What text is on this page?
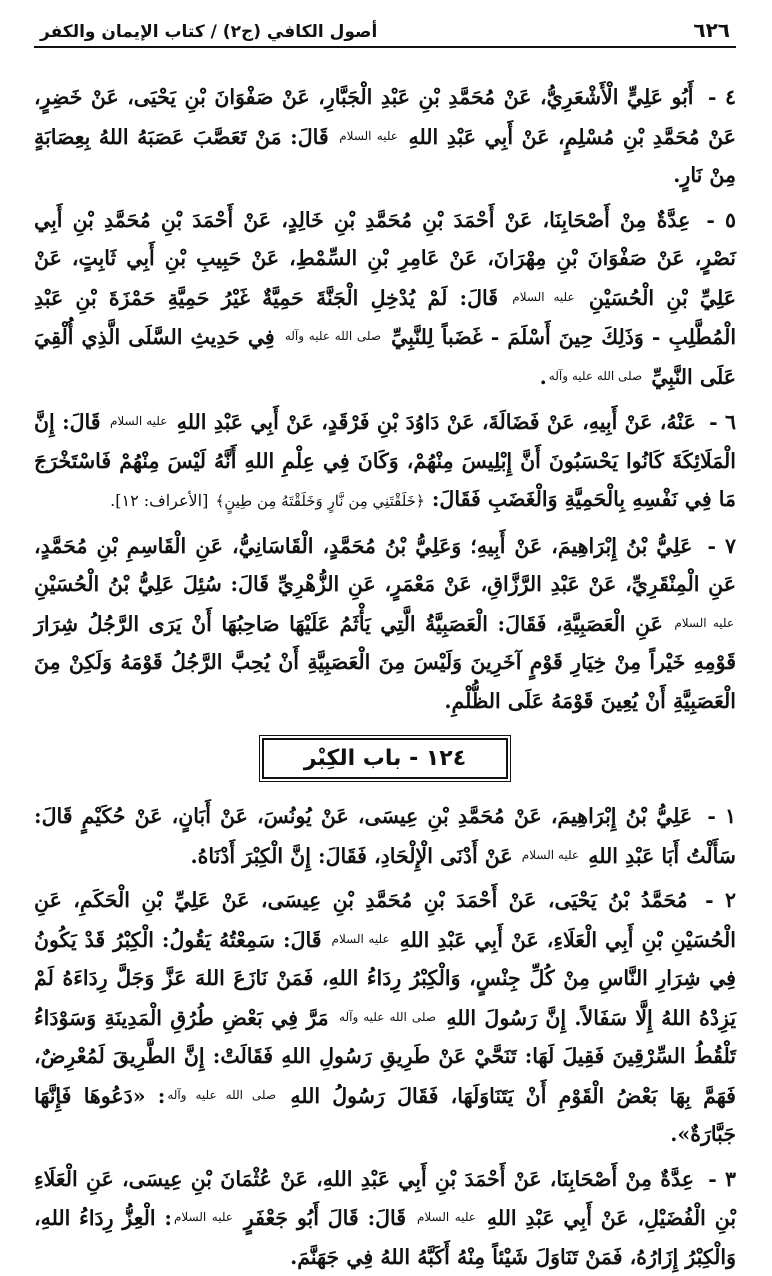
٦٢٦
أصول الكافي (ج٢) / كتاب الإيمان والكفر

٤ - أَبُو عَلِيٍّ الْأَشْعَرِيُّ، عَنْ مُحَمَّدِ بْنِ عَبْدِ الْجَبَّارِ، عَنْ صَفْوَانَ بْنِ يَحْيَى، عَنْ خَضِرٍ، عَنْ مُحَمَّدِ بْنِ مُسْلِمٍ، عَنْ أَبِي عَبْدِ اللهِ عليه السلام قَالَ: مَنْ تَعَصَّبَ عَصَبَهُ اللهُ بِعِصَابَةٍ مِنْ نَارٍ.

٥ - عِدَّةٌ مِنْ أَصْحَابِنَا، عَنْ أَحْمَدَ بْنِ مُحَمَّدِ بْنِ خَالِدٍ، عَنْ أَحْمَدَ بْنِ مُحَمَّدِ بْنِ أَبِي نَصْرٍ، عَنْ صَفْوَانَ بْنِ مِهْرَانَ، عَنْ عَامِرِ بْنِ السِّمْطِ، عَنْ حَبِيبِ بْنِ أَبِي ثَابِتٍ، عَنْ عَلِيِّ بْنِ الْحُسَيْنِ عليه السلام قَالَ: لَمْ يُدْخِلِ الْجَنَّةَ حَمِيَّةٌ غَيْرُ حَمِيَّةِ حَمْزَةَ بْنِ عَبْدِ الْمُطَّلِبِ - وَذَلِكَ حِينَ أَسْلَمَ - غَضَباً لِلنَّبِيِّ صلى الله عليه وآله فِي حَدِيثِ السَّلَى الَّذِي أُلْقِيَ عَلَى النَّبِيِّ صلى الله عليه وآله.

٦ - عَنْهُ، عَنْ أَبِيهِ، عَنْ فَضَالَةَ، عَنْ دَاوُدَ بْنِ فَرْقَدٍ، عَنْ أَبِي عَبْدِ اللهِ عليه السلام قَالَ: إِنَّ الْمَلَائِكَةَ كَانُوا يَحْسَبُونَ أَنَّ إِبْلِيسَ مِنْهُمْ، وَكَانَ فِي عِلْمِ اللهِ أَنَّهُ لَيْسَ مِنْهُمْ فَاسْتَخْرَجَ مَا فِي نَفْسِهِ بِالْحَمِيَّةِ وَالْغَضَبِ فَقَالَ: ﴿خَلَقْتَنِي مِن نَّارٍ وَخَلَقْتَهُ مِن طِينٍ﴾ [الأعراف: ١٢].

٧ - عَلِيُّ بْنُ إِبْرَاهِيمَ، عَنْ أَبِيهِ؛ وَعَلِيُّ بْنُ مُحَمَّدٍ، الْقَاسَانِيُّ، عَنِ الْقَاسِمِ بْنِ مُحَمَّدٍ، عَنِ الْمِنْقَرِيِّ، عَنْ عَبْدِ الرَّزَّاقِ، عَنْ مَعْمَرٍ، عَنِ الزُّهْرِيِّ قَالَ: سُئِلَ عَلِيُّ بْنُ الْحُسَيْنِ عليه السلام عَنِ الْعَصَبِيَّةِ، فَقَالَ: الْعَصَبِيَّةُ الَّتِي يَأْثَمُ عَلَيْهَا صَاحِبُهَا أَنْ يَرَى الرَّجُلُ شِرَارَ قَوْمِهِ خَيْراً مِنْ خِيَارِ قَوْمٍ آخَرِينَ وَلَيْسَ مِنَ الْعَصَبِيَّةِ أَنْ يُحِبَّ الرَّجُلُ قَوْمَهُ وَلَكِنْ مِنَ الْعَصَبِيَّةِ أَنْ يُعِينَ قَوْمَهُ عَلَى الظُّلْمِ.

١٢٤ - باب الكِبْر

١ - عَلِيُّ بْنُ إِبْرَاهِيمَ، عَنْ مُحَمَّدِ بْنِ عِيسَى، عَنْ يُونُسَ، عَنْ أَبَانٍ، عَنْ حُكَيْمٍ قَالَ: سَأَلْتُ أَبَا عَبْدِ اللهِ عليه السلام عَنْ أَدْنَى الْإِلْحَادِ، فَقَالَ: إِنَّ الْكِبْرَ أَدْنَاهُ.

٢ - مُحَمَّدُ بْنُ يَحْيَى، عَنْ أَحْمَدَ بْنِ مُحَمَّدِ بْنِ عِيسَى، عَنْ عَلِيِّ بْنِ الْحَكَمِ، عَنِ الْحُسَيْنِ بْنِ أَبِي الْعَلَاءِ، عَنْ أَبِي عَبْدِ اللهِ عليه السلام قَالَ: سَمِعْتُهُ يَقُولُ: الْكِبْرُ قَدْ يَكُونُ فِي شِرَارِ النَّاسِ مِنْ كُلِّ جِنْسٍ، وَالْكِبْرُ رِدَاءُ اللهِ، فَمَنْ نَازَعَ اللهَ عَزَّ وَجَلَّ رِدَاءَهُ لَمْ يَزِدْهُ اللهُ إِلَّا سَفَالاً. إِنَّ رَسُولَ اللهِ صلى الله عليه وآله مَرَّ فِي بَعْضِ طُرُقِ الْمَدِينَةِ وَسَوْدَاءُ تَلْقُطُ السِّرْقِينَ فَقِيلَ لَهَا: تَنَحَّيْ عَنْ طَرِيقِ رَسُولِ اللهِ فَقَالَتْ: إِنَّ الطَّرِيقَ لَمُعْرِضٌ، فَهَمَّ بِهَا بَعْضُ الْقَوْمِ أَنْ يَتَنَاوَلَهَا، فَقَالَ رَسُولُ اللهِ صلى الله عليه وآله: «دَعُوهَا فَإِنَّهَا جَبَّارَةٌ».

٣ - عِدَّةٌ مِنْ أَصْحَابِنَا، عَنْ أَحْمَدَ بْنِ أَبِي عَبْدِ اللهِ، عَنْ عُثْمَانَ بْنِ عِيسَى، عَنِ الْعَلَاءِ بْنِ الْفُضَيْلِ، عَنْ أَبِي عَبْدِ اللهِ عليه السلام قَالَ: قَالَ أَبُو جَعْفَرٍ عليه السلام: الْعِزُّ رِدَاءُ اللهِ، وَالْكِبْرُ إِزَارُهُ، فَمَنْ تَنَاوَلَ شَيْئاً مِنْهُ أَكَبَّهُ اللهُ فِي جَهَنَّمَ.
